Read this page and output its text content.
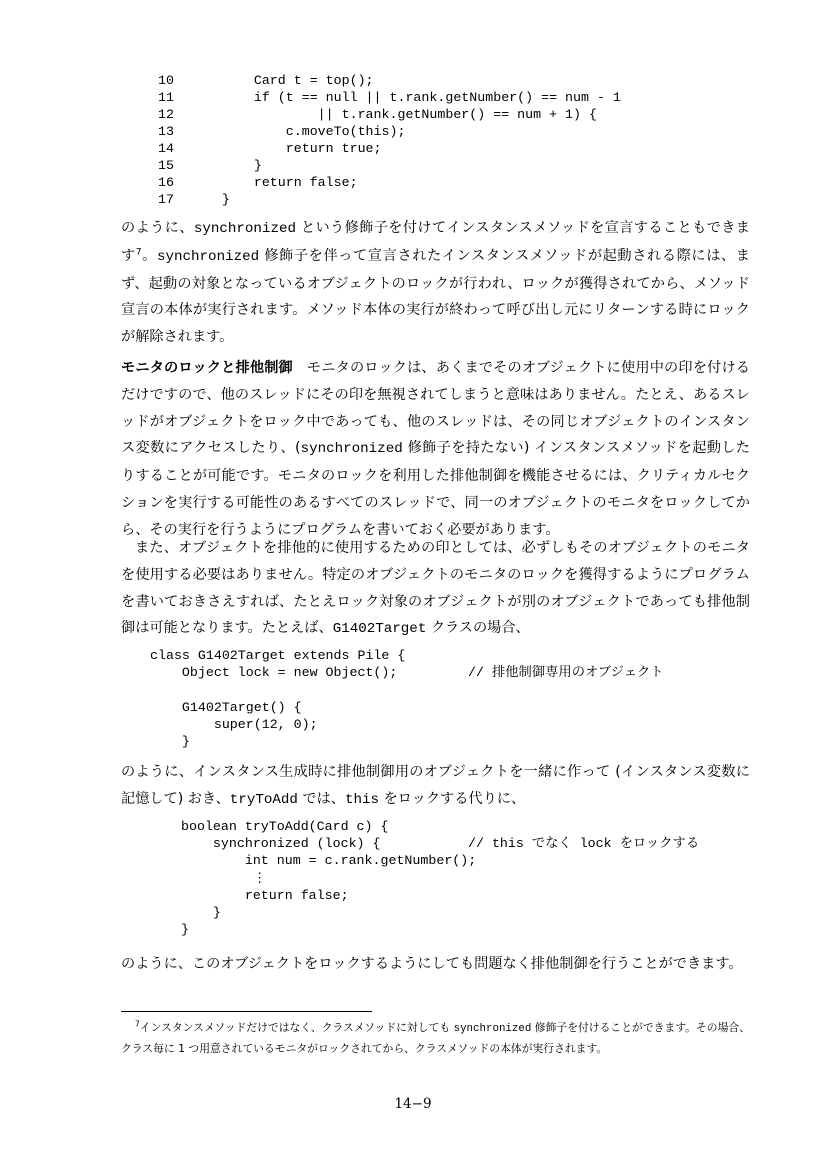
10 Card t = top();
11 if (t == null || t.rank.getNumber() == num - 1
12 || t.rank.getNumber() == num + 1) {
13 c.moveTo(this);
14 return true;
15 }
16 return false;
17 }

のように、synchronized という修飾子を付けてインスタンスメソッドを宣言することもできます$^7$。synchronized 修飾子を伴って宣言されたインスタンスメソッドが起動される際には、まず、起動の対象となっているオブジェクトのロックが行われ、ロックが獲得されてから、メソッド宣言の本体が実行されます。メソッド本体の実行が終わって呼び出し元にリターンする時にロックが解除されます。

モニタのロックと排他制御 モニタのロックは、あくまでそのオブジェクトに使用中の印を付けるだけですので、他のスレッドにその印を無視されてしまうと意味はありません。たとえ、あるスレッドがオブジェクトをロック中であっても、他のスレッドは、その同じオブジェクトのインスタンス変数にアクセスしたり、(synchronized 修飾子を持たない) インスタンスメソッドを起動したりすることが可能です。モニタのロックを利用した排他制御を機能させるには、クリティカルセクションを実行する可能性のあるすべてのスレッドで、同一のオブジェクトのモニタをロックしてから、その実行を行うようにプログラムを書いておく必要があります。

また、オブジェクトを排他的に使用するための印としては、必ずしもそのオブジェクトのモニタを使用する必要はありません。特定のオブジェクトのモニタのロックを獲得するようにプログラムを書いておきさえすれば、たとえロック対象のオブジェクトが別のオブジェクトであっても排他制御は可能となります。たとえば、G1402Target クラスの場合、

class G1402Target extends Pile {
Object lock = new Object();	// 排他制御専用のオブジェクト
G1402Target() {
super(12, 0);
}

のように、インスタンス生成時に排他制御用のオブジェクトを一緒に作って (インスタンス変数に記憶して) おき、tryToAdd では、this をロックする代りに、

boolean tryToAdd(Card c) {
synchronized (lock) {	// this でなく lock をロックする
int num = c.rank.getNumber();
⋮
return false;
}
}

のように、このオブジェクトをロックするようにしても問題なく排他制御を行うことができます。

$^7$インスタンスメソッドだけではなく、クラスメソッドに対しても synchronized 修飾子を付けることができます。その場合、クラス毎に 1 つ用意されているモニタがロックされてから、クラスメソッドの本体が実行されます。

14−9
